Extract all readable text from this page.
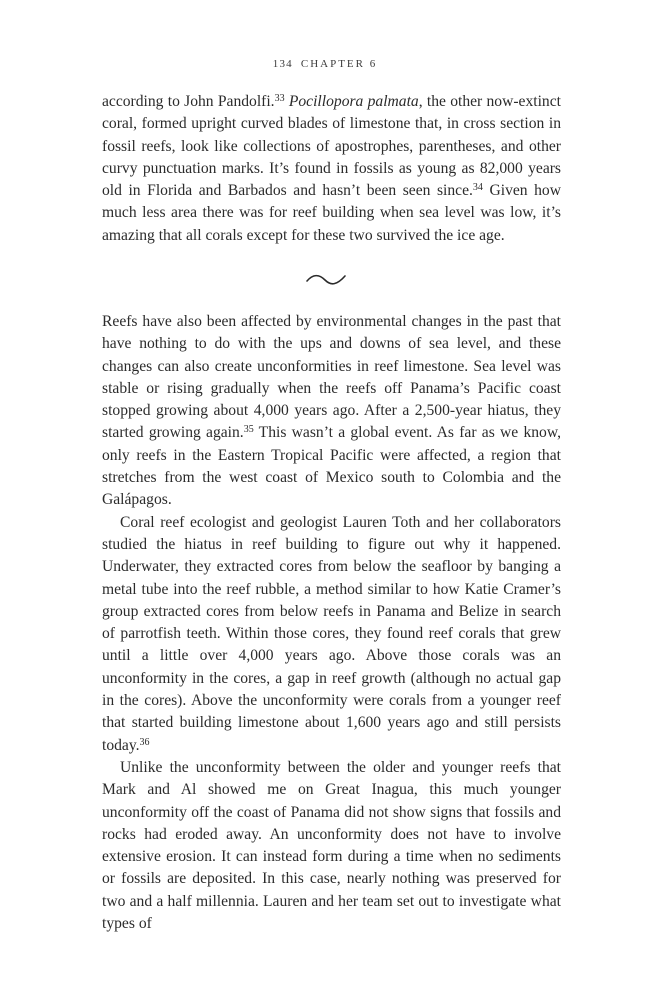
134 CHAPTER 6

according to John Pandolfi.$^{33}$ Pocillopora palmata, the other now-extinct coral, formed upright curved blades of limestone that, in cross section in fossil reefs, look like collections of apostrophes, parentheses, and other curvy punctuation marks. It’s found in fossils as young as 82,000 years old in Florida and Barbados and hasn’t been seen since.$^{34}$ Given how much less area there was for reef building when sea level was low, it’s amazing that all corals except for these two survived the ice age.

Reefs have also been affected by environmental changes in the past that have nothing to do with the ups and downs of sea level, and these changes can also create unconformities in reef limestone. Sea level was stable or rising gradually when the reefs off Panama’s Pacific coast stopped growing about 4,000 years ago. After a 2,500-year hiatus, they started growing again.$^{35}$ This wasn’t a global event. As far as we know, only reefs in the Eastern Tropical Pacific were affected, a region that stretches from the west coast of Mexico south to Colombia and the Galápagos.

Coral reef ecologist and geologist Lauren Toth and her collaborators studied the hiatus in reef building to figure out why it happened. Underwater, they extracted cores from below the seafloor by banging a metal tube into the reef rubble, a method similar to how Katie Cramer’s group extracted cores from below reefs in Panama and Belize in search of parrotfish teeth. Within those cores, they found reef corals that grew until a little over 4,000 years ago. Above those corals was an unconformity in the cores, a gap in reef growth (although no actual gap in the cores). Above the unconformity were corals from a younger reef that started building limestone about 1,600 years ago and still persists today.$^{36}$

Unlike the unconformity between the older and younger reefs that Mark and Al showed me on Great Inagua, this much younger unconformity off the coast of Panama did not show signs that fossils and rocks had eroded away. An unconformity does not have to involve extensive erosion. It can instead form during a time when no sediments or fossils are deposited. In this case, nearly nothing was preserved for two and a half millennia. Lauren and her team set out to investigate what types of
